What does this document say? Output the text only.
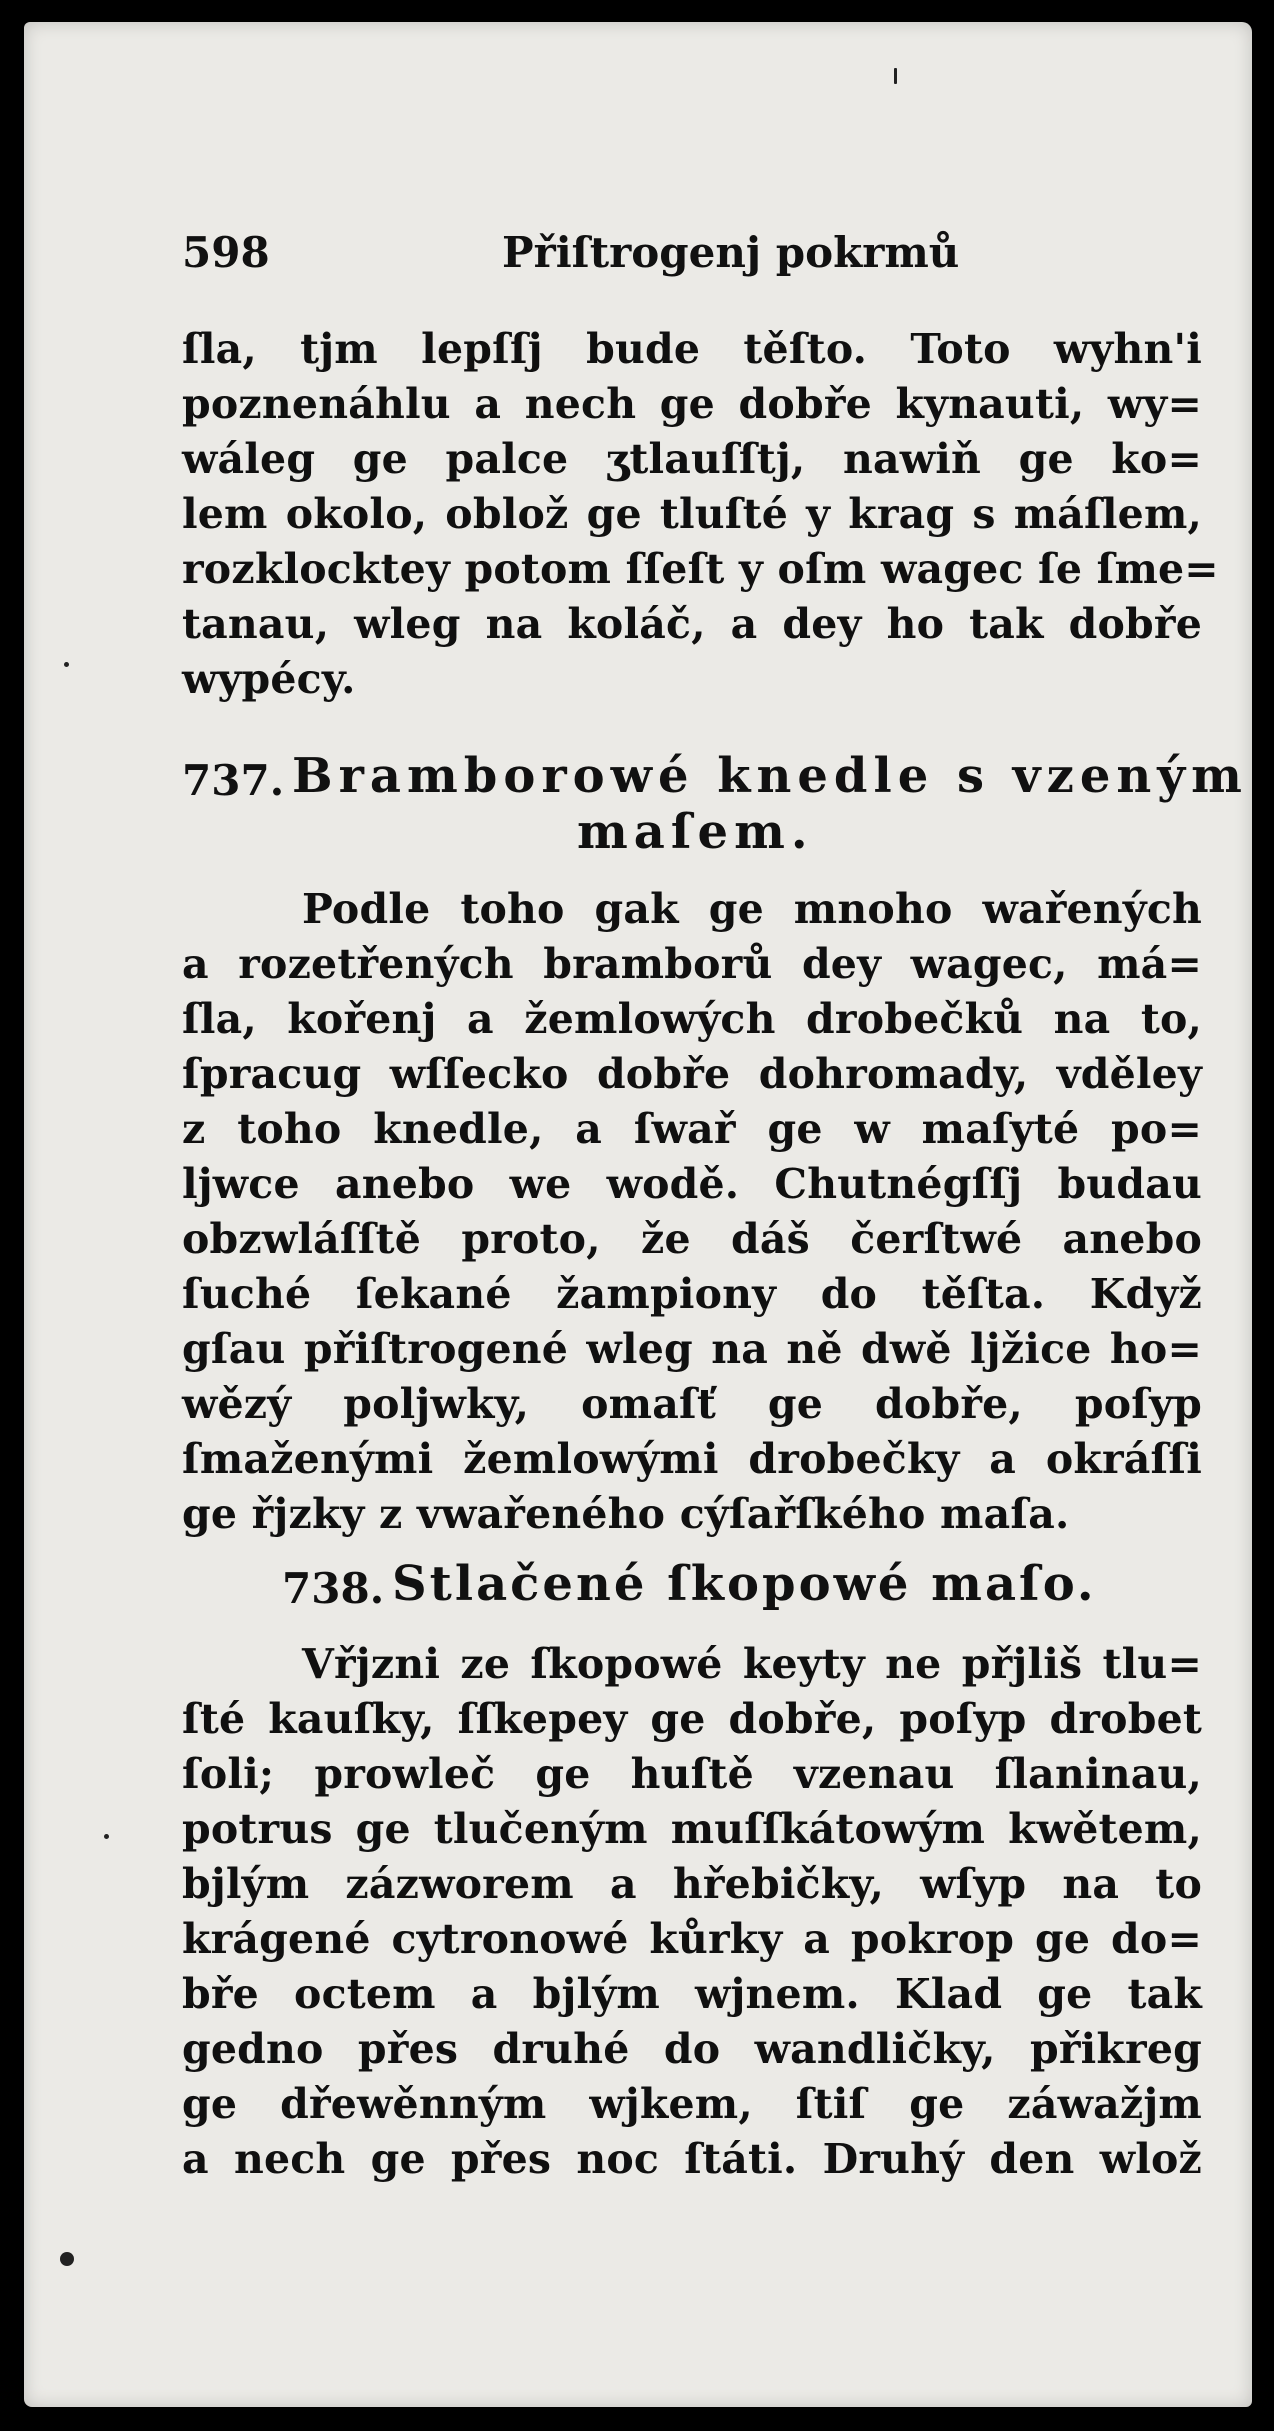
598	Přiſtrogenj pokrmů
ſla, tjm lepſſj bude těſto. Toto wyhn'i
poznenáhlu a nech ge dobře kynauti, wy=
wáleg ge palce ʒtlauſſtj, nawiň ge ko=
lem okolo, oblož ge tluſté y krag s máſlem,
rozklocktey potom ſſeſt y oſm wagec ſe ſme=
tanau, wleg na koláč, a dey ho tak dobře
wypécy.
737. Bramborowé knedle s vzeným
maſem.
Podle toho gak ge mnoho wařených
a rozetřených bramborů dey wagec, má=
ſla, kořenj a žemlowých drobečků na to,
ſpracug wſſecko dobře dohromady, vděley
z toho knedle, a ſwař ge w maſyté po=
ljwce anebo we wodě. Chutnégſſj budau
obzwláſſtě proto, že dáš čerſtwé anebo
ſuché ſekané žampiony do těſta. Když
gſau přiſtrogené wleg na ně dwě ljžice ho=
wězý poljwky, omaſť ge dobře, poſyp
ſmaženými žemlowými drobečky a okráſſi
ge řjzky z vwařeného cýſařſkého maſa.
738. Stlačené ſkopowé maſo.
Vřjzni ze ſkopowé keyty ne přjliš tlu=
ſté kauſky, ſſkepey ge dobře, poſyp drobet
ſoli; prowleč ge huſtě vzenau ſlaninau,
potrus ge tlučeným muſſkátowým kwětem,
bjlým zázworem a hřebičky, wſyp na to
krágené cytronowé kůrky a pokrop ge do=
bře octem a bjlým wjnem. Klad ge tak
gedno přes druhé do wandličky, přikreg
ge dřewěnným wjkem, ſtiſ ge záwažjm
a nech ge přes noc ſtáti. Druhý den wlož
